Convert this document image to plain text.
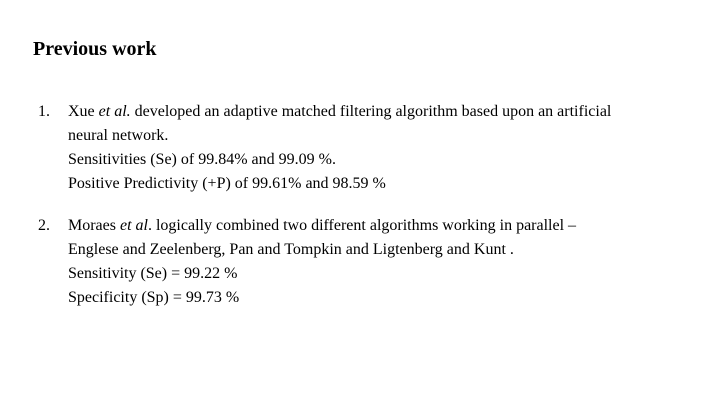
Previous work
1. Xue et al. developed an adaptive matched filtering algorithm based upon an artificial
neural network.
Sensitivities (Se) of 99.84% and 99.09 %.
Positive Predictivity (+P) of 99.61% and 98.59 %
2. Moraes et al. logically combined two different algorithms working in parallel –
Englese and Zeelenberg, Pan and Tompkin and Ligtenberg and Kunt .
Sensitivity (Se) = 99.22 %
Specificity (Sp) = 99.73 %
